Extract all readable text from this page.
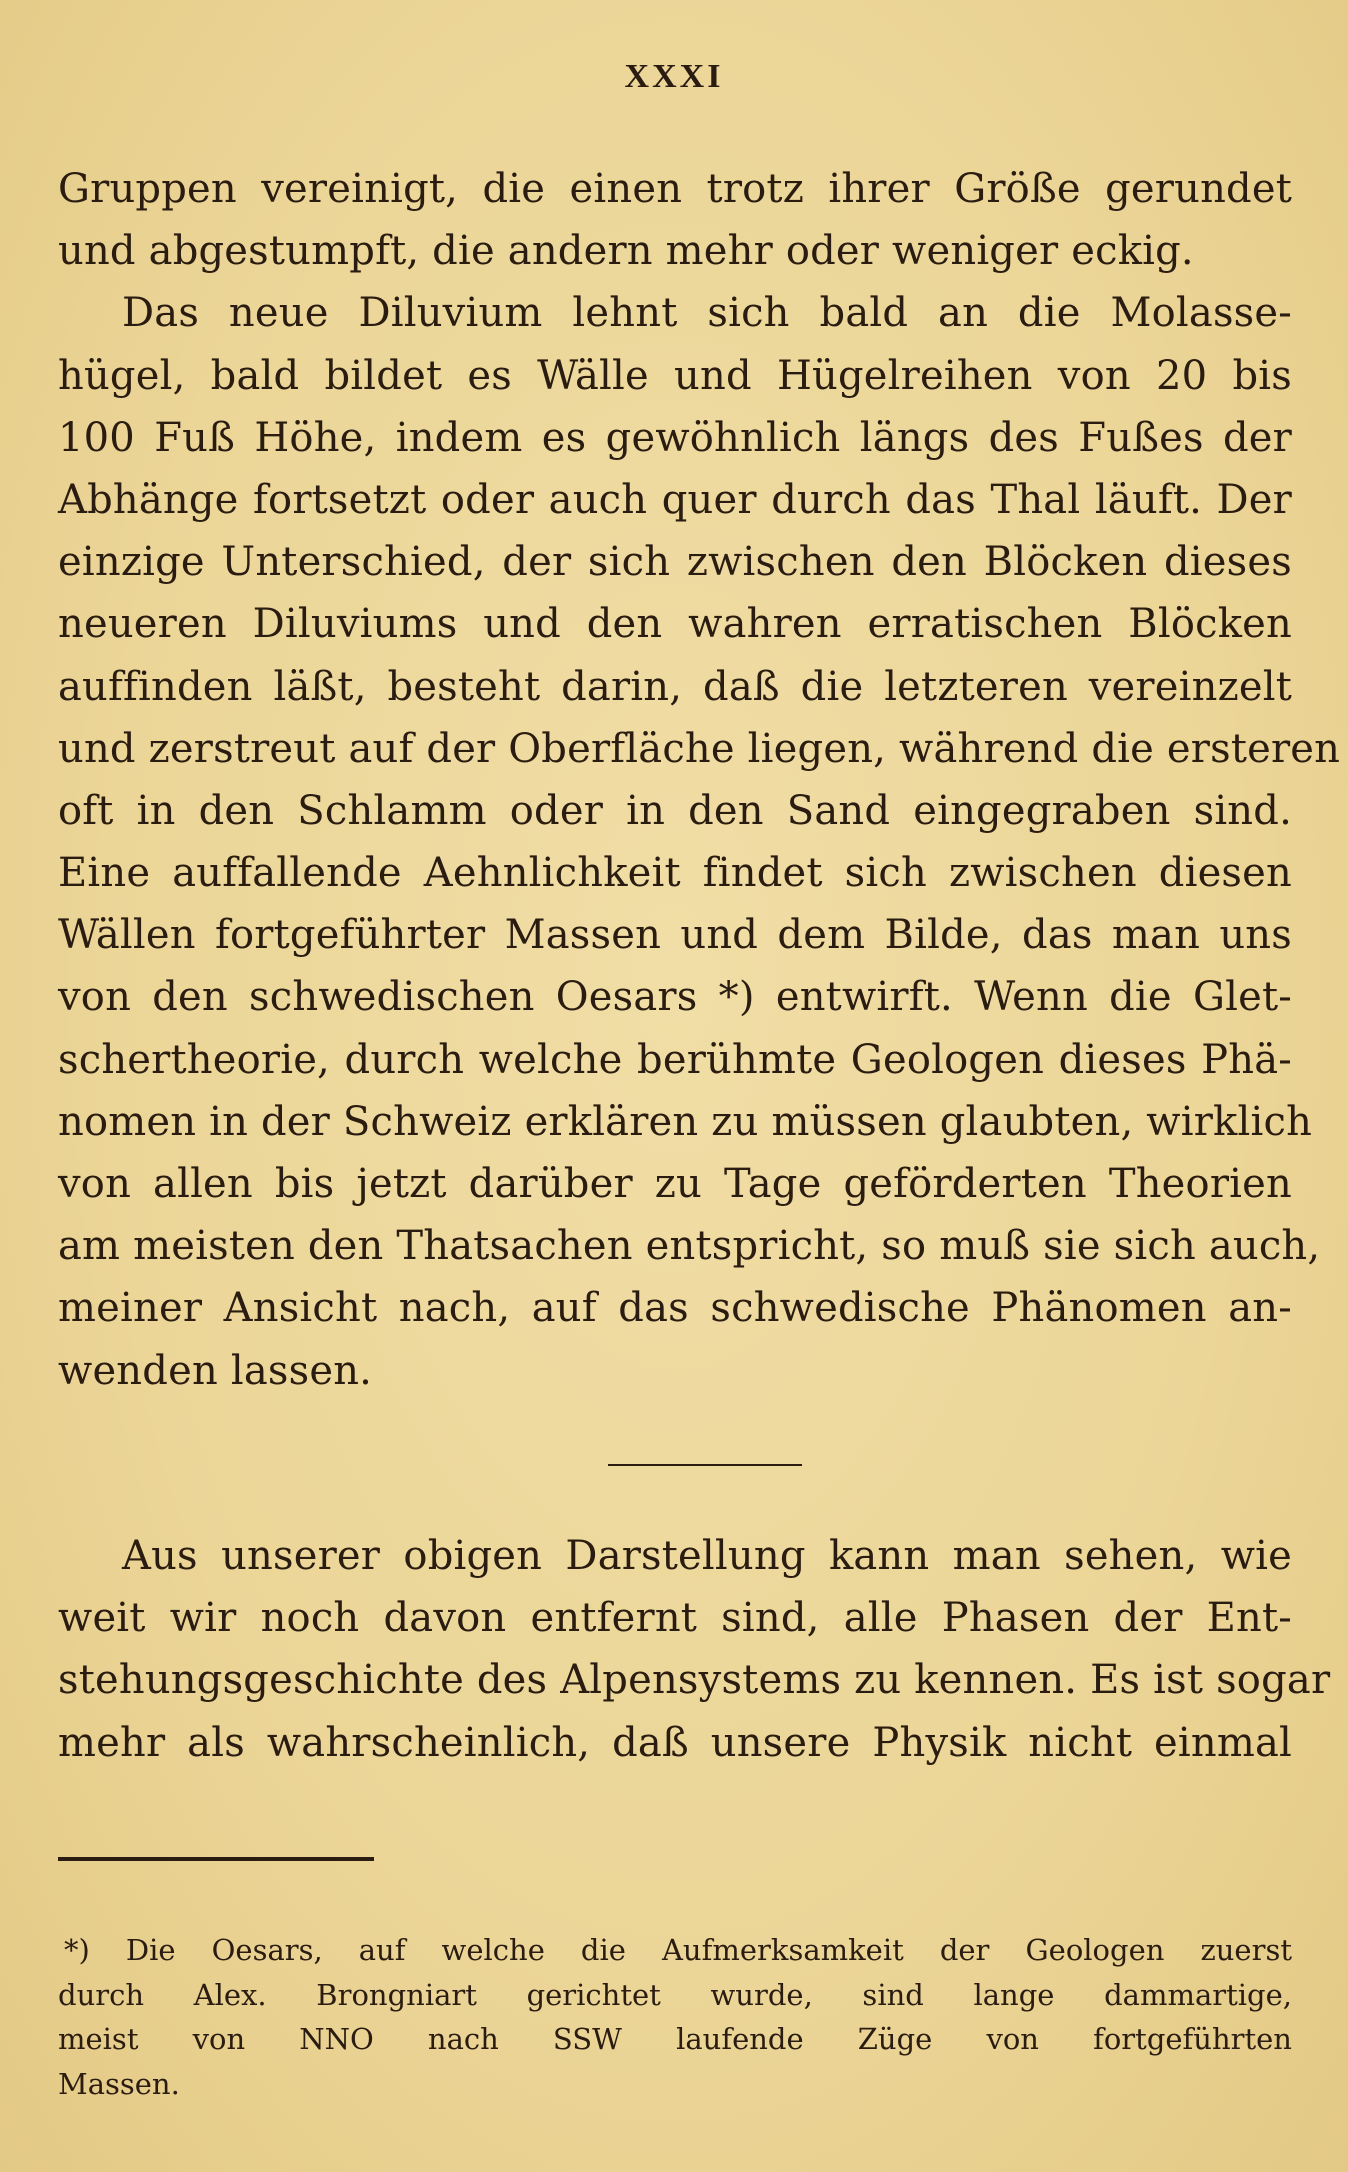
XXXI
Gruppen vereinigt, die einen trotz ihrer Größe gerundet
und abgestumpft, die andern mehr oder weniger eckig.
Das neue Diluvium lehnt sich bald an die Molasse-
hügel, bald bildet es Wälle und Hügelreihen von 20 bis
100 Fuß Höhe, indem es gewöhnlich längs des Fußes der
Abhänge fortsetzt oder auch quer durch das Thal läuft. Der
einzige Unterschied, der sich zwischen den Blöcken dieses
neueren Diluviums und den wahren erratischen Blöcken
auffinden läßt, besteht darin, daß die letzteren vereinzelt
und zerstreut auf der Oberfläche liegen, während die ersteren
oft in den Schlamm oder in den Sand eingegraben sind.
Eine auffallende Aehnlichkeit findet sich zwischen diesen
Wällen fortgeführter Massen und dem Bilde, das man uns
von den schwedischen Oesars *) entwirft. Wenn die Glet-
schertheorie, durch welche berühmte Geologen dieses Phä-
nomen in der Schweiz erklären zu müssen glaubten, wirklich
von allen bis jetzt darüber zu Tage geförderten Theorien
am meisten den Thatsachen entspricht, so muß sie sich auch,
meiner Ansicht nach, auf das schwedische Phänomen an-
wenden lassen.
Aus unserer obigen Darstellung kann man sehen, wie
weit wir noch davon entfernt sind, alle Phasen der Ent-
stehungsgeschichte des Alpensystems zu kennen. Es ist sogar
mehr als wahrscheinlich, daß unsere Physik nicht einmal
*) Die Oesars, auf welche die Aufmerksamkeit der Geologen zuerst
durch Alex. Brongniart gerichtet wurde, sind lange dammartige,
meist von NNO nach SSW laufende Züge von fortgeführten
Massen.
